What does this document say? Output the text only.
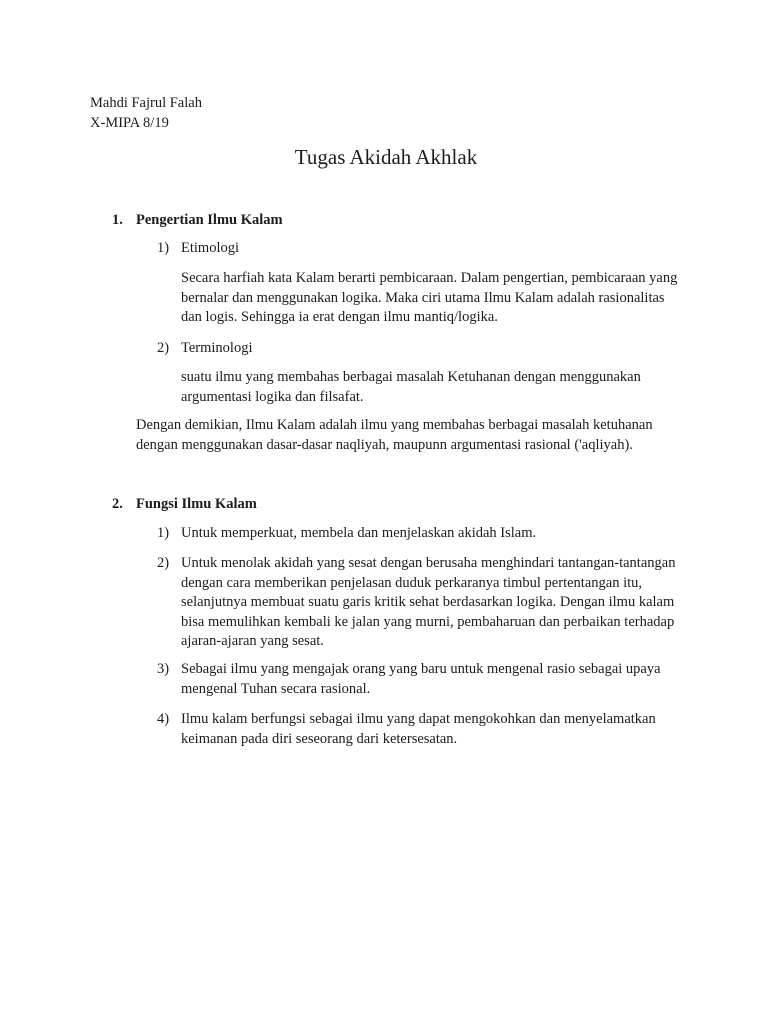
Mahdi Fajrul Falah
X-MIPA 8/19
Tugas Akidah Akhlak
1. Pengertian Ilmu Kalam
1) Etimologi
Secara harfiah kata Kalam berarti pembicaraan. Dalam pengertian, pembicaraan yang bernalar dan menggunakan logika. Maka ciri utama Ilmu Kalam adalah rasionalitas dan logis. Sehingga ia erat dengan ilmu mantiq/logika.
2) Terminologi
suatu ilmu yang membahas berbagai masalah Ketuhanan dengan menggunakan argumentasi logika dan filsafat.
Dengan demikian, Ilmu Kalam adalah ilmu yang membahas berbagai masalah ketuhanan dengan menggunakan dasar-dasar naqliyah, maupunn argumentasi rasional ('aqliyah).
2. Fungsi Ilmu Kalam
1) Untuk memperkuat, membela dan menjelaskan akidah Islam.
2) Untuk menolak akidah yang sesat dengan berusaha menghindari tantangan-tantangan dengan cara memberikan penjelasan duduk perkaranya timbul pertentangan itu, selanjutnya membuat suatu garis kritik sehat berdasarkan logika. Dengan ilmu kalam bisa memulihkan kembali ke jalan yang murni, pembaharuan dan perbaikan terhadap ajaran-ajaran yang sesat.
3) Sebagai ilmu yang mengajak orang yang baru untuk mengenal rasio sebagai upaya mengenal Tuhan secara rasional.
4) Ilmu kalam berfungsi sebagai ilmu yang dapat mengokohkan dan menyelamatkan keimanan pada diri seseorang dari ketersesatan.
